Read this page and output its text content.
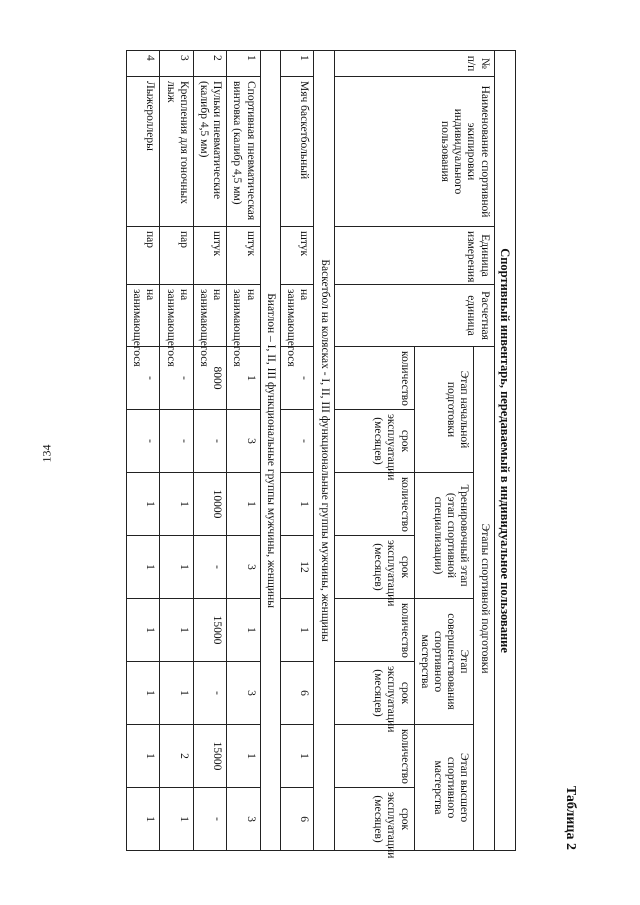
134
Таблица 2
Спортивный инвентарь, передаваемый в индивидуальное пользование											
№ п/п	Наименование спортивной экипировки индивидуального пользования	Единица измерения	Расчетная единица	Этапы спортивной подготовки							
				Этап начальной подготовки		Тренировочный этап (этап спортивной специализации)		Этап совершенствования спортивного мастерства		Этап высшего спортивного мастерства	
				количество	срок эксплуатации (месяцев)	количество	срок эксплуатации (месяцев)	количество	срок эксплуатации (месяцев)	количество	срок эксплуатации (месяцев)
Баскетбол на колясках - I, II, III функциональные группы мужчины, женщины											
1	Мяч баскетбольный	штук	на занимающегося	-	-	1	12	1	6	1	6
Биатлон – I, II, III функциональные группы мужчины, женщины											
1	Спортивная пневматическая винтовка (калибр 4,5 мм)	штук	на занимающегося	1	3	1	3	1	3	1	3
2	Пульки пневматические (калибр 4,5 мм)	штук	на занимающегося	8000	-	10000	-	15000	-	15000	-
3	Крепления для гоночных лыж	пар	на занимающегося	-	-	1	1	1	1	2	1
4	Лыжероллеры	пар	на занимающегося	-	-	1	1	1	1	1	1
